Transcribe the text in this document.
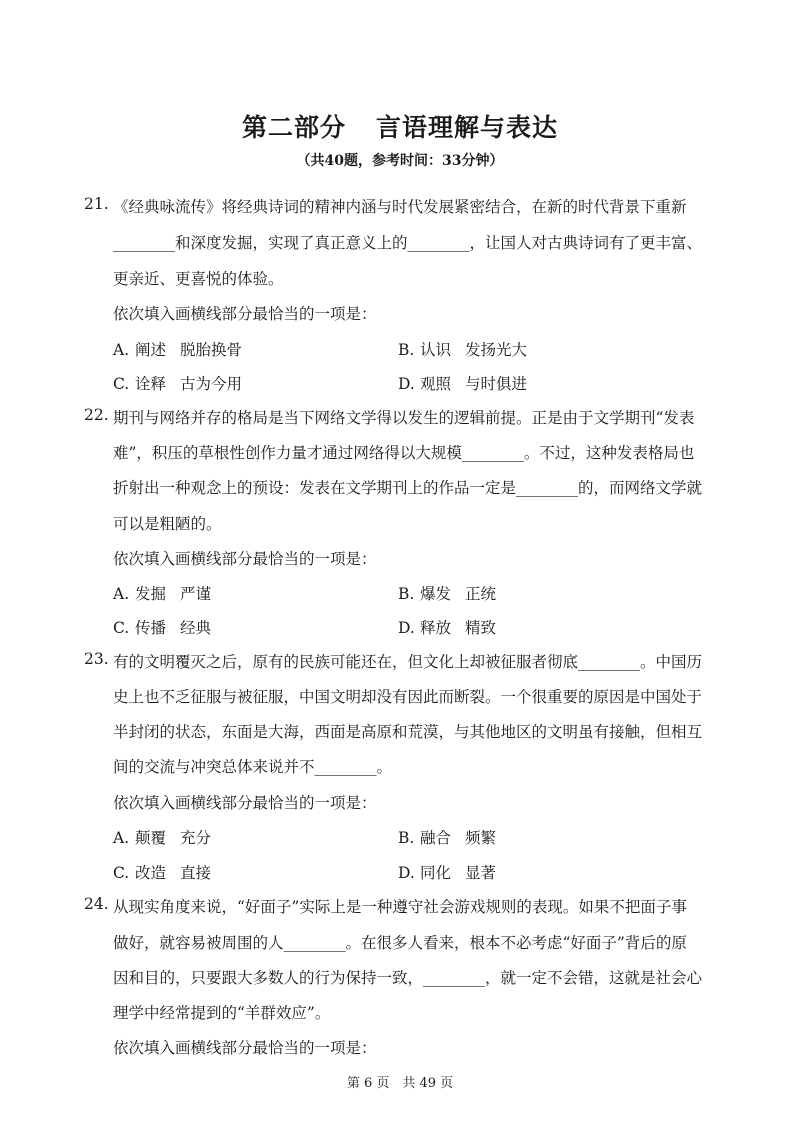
第二部分 言语理解与表达
（共40题，参考时间：33分钟）
21. 《经典咏流传》将经典诗词的精神内涵与时代发展紧密结合，在新的时代背景下重新
________和深度发掘，实现了真正意义上的________，让国人对古典诗词有了更丰富、
更亲近、更喜悦的体验。
依次填入画横线部分最恰当的一项是：
A. 阐述 脱胎换骨	B. 认识 发扬光大
C. 诠释 古为今用	D. 观照 与时俱进
22. 期刊与网络并存的格局是当下网络文学得以发生的逻辑前提。正是由于文学期刊“发表
难”，积压的草根性创作力量才通过网络得以大规模________。不过，这种发表格局也
折射出一种观念上的预设：发表在文学期刊上的作品一定是________的，而网络文学就
可以是粗陋的。
依次填入画横线部分最恰当的一项是：
A. 发掘 严谨	B. 爆发 正统
C. 传播 经典	D. 释放 精致
23. 有的文明覆灭之后，原有的民族可能还在，但文化上却被征服者彻底________。中国历
史上也不乏征服与被征服，中国文明却没有因此而断裂。一个很重要的原因是中国处于
半封闭的状态，东面是大海，西面是高原和荒漠，与其他地区的文明虽有接触，但相互
间的交流与冲突总体来说并不________。
依次填入画横线部分最恰当的一项是：
A. 颠覆 充分	B. 融合 频繁
C. 改造 直接	D. 同化 显著
24. 从现实角度来说，“好面子”实际上是一种遵守社会游戏规则的表现。如果不把面子事
做好，就容易被周围的人________。在很多人看来，根本不必考虑“好面子”背后的原
因和目的，只要跟大多数人的行为保持一致，________，就一定不会错，这就是社会心
理学中经常提到的“羊群效应”。
依次填入画横线部分最恰当的一项是：
第 6 页　共 49 页
